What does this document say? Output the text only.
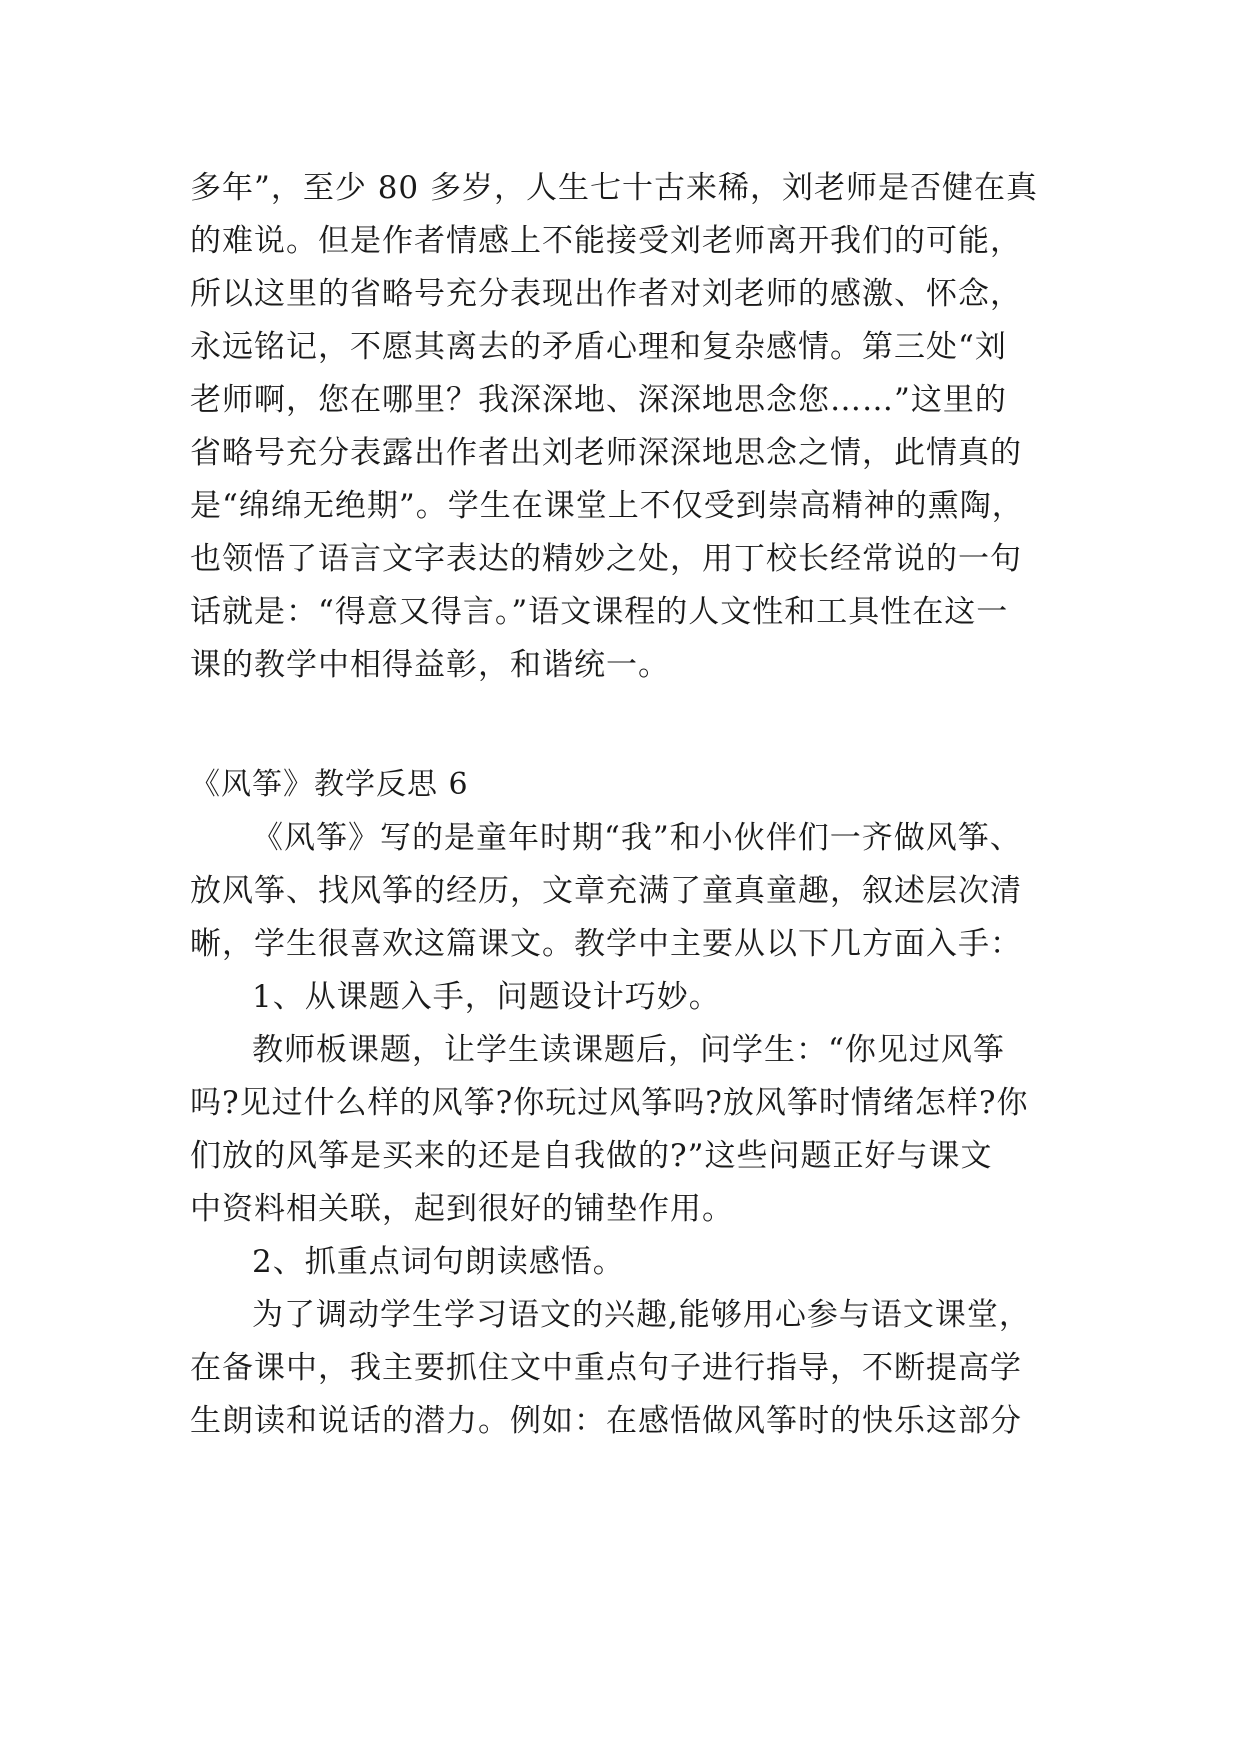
多年”，至少 80 多岁，人生七十古来稀，刘老师是否健在真
的难说。但是作者情感上不能接受刘老师离开我们的可能，
所以这里的省略号充分表现出作者对刘老师的感激、怀念，
永远铭记，不愿其离去的矛盾心理和复杂感情。第三处“刘
老师啊，您在哪里？我深深地、深深地思念您……”这里的
省略号充分表露出作者出刘老师深深地思念之情，此情真的
是“绵绵无绝期”。学生在课堂上不仅受到崇高精神的熏陶，
也领悟了语言文字表达的精妙之处，用丁校长经常说的一句
话就是：“得意又得言。”语文课程的人文性和工具性在这一
课的教学中相得益彰，和谐统一。
《风筝》教学反思 6
《风筝》写的是童年时期“我”和小伙伴们一齐做风筝、
放风筝、找风筝的经历，文章充满了童真童趣，叙述层次清
晰，学生很喜欢这篇课文。教学中主要从以下几方面入手：
1、从课题入手，问题设计巧妙。
教师板课题，让学生读课题后，问学生：“你见过风筝
吗?见过什么样的风筝?你玩过风筝吗?放风筝时情绪怎样?你
们放的风筝是买来的还是自我做的?”这些问题正好与课文
中资料相关联，起到很好的铺垫作用。
2、抓重点词句朗读感悟。
为了调动学生学习语文的兴趣,能够用心参与语文课堂，
在备课中，我主要抓住文中重点句子进行指导，不断提高学
生朗读和说话的潜力。例如：在感悟做风筝时的快乐这部分
